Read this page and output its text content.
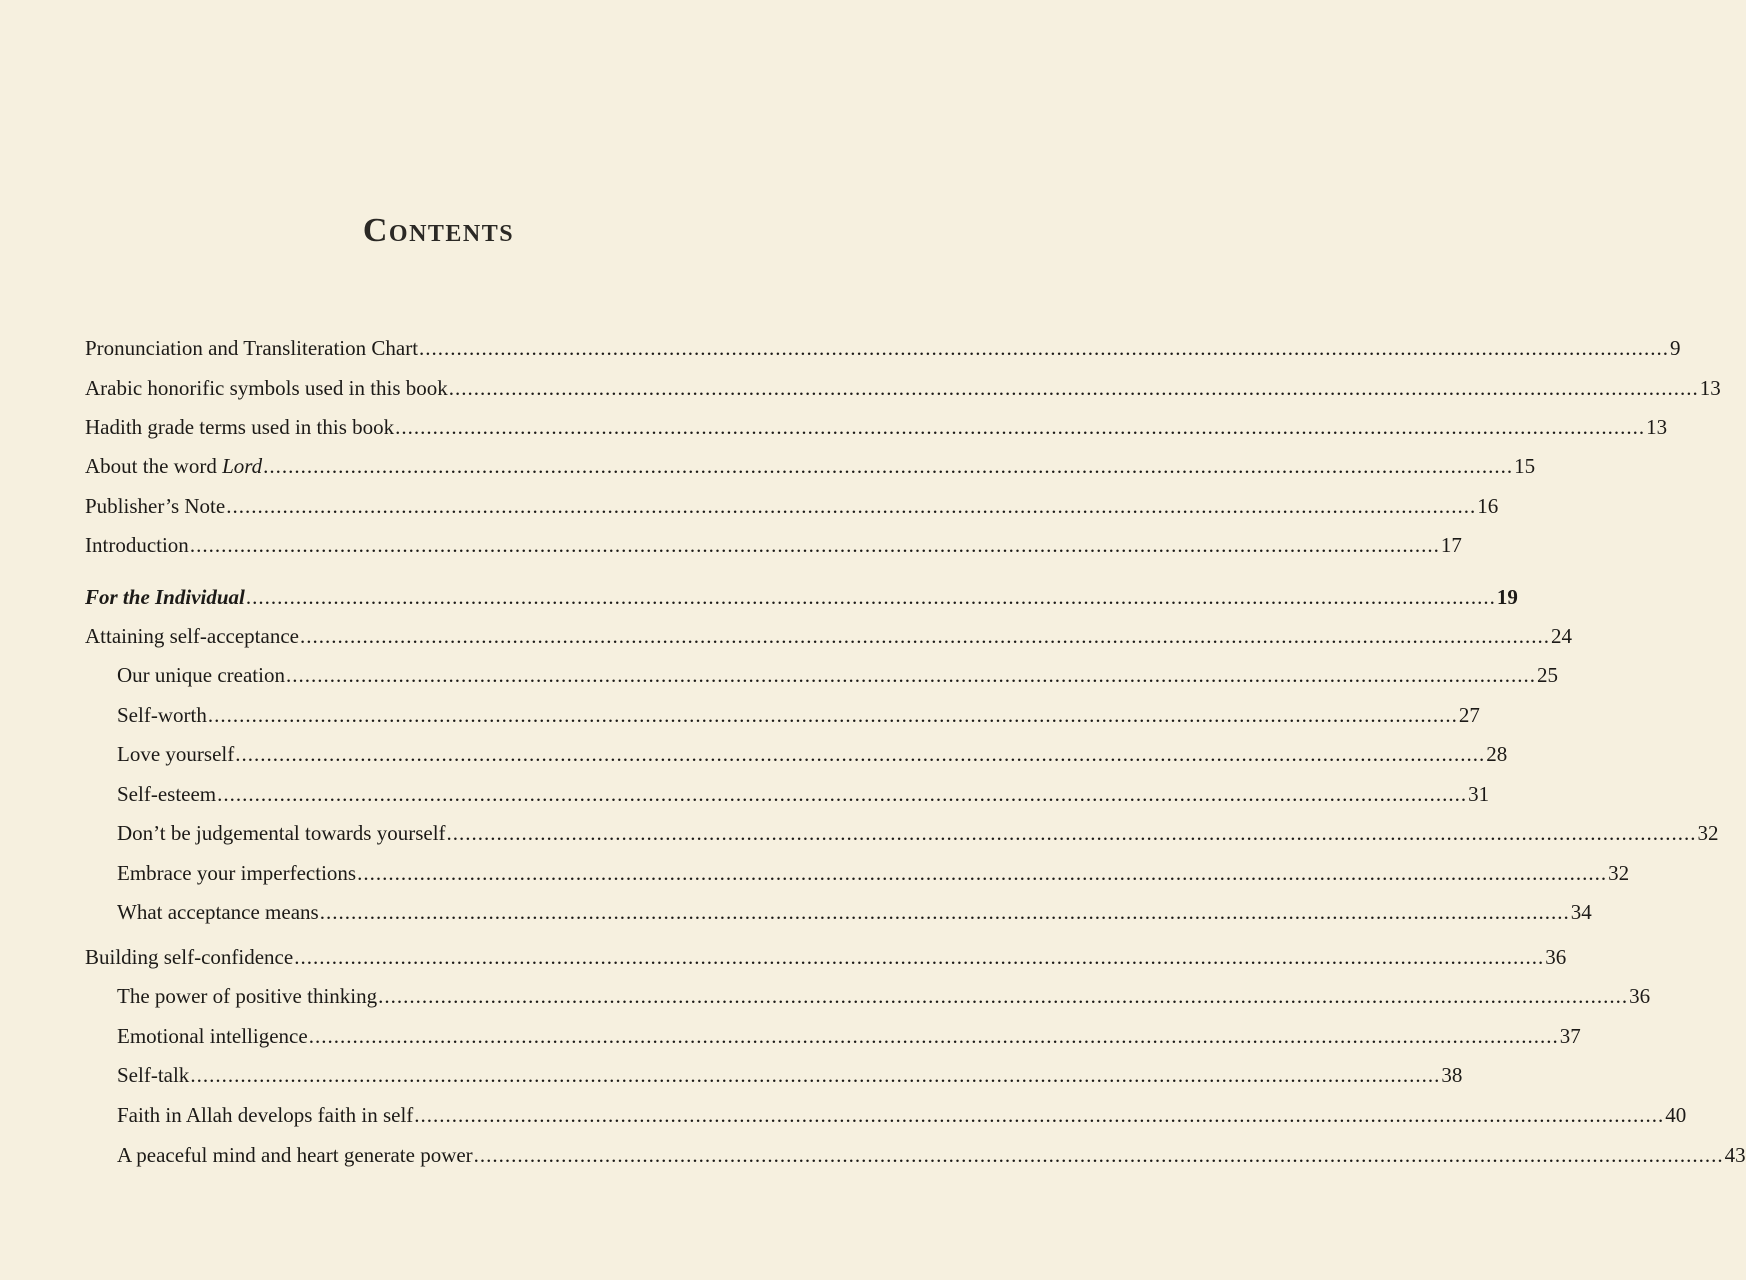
Contents
Pronunciation and Transliteration Chart ........................................................................................................................................................................................................ 9
Arabic honorific symbols used in this book ........................................................................................................................................................................................................ 13
Hadith grade terms used in this book ........................................................................................................................................................................................................ 13
About the word Lord ........................................................................................................................................................................................................ 15
Publisher’s Note ........................................................................................................................................................................................................ 16
Introduction ........................................................................................................................................................................................................ 17
For the Individual ........................................................................................................................................................................................................ 19
Attaining self-acceptance ........................................................................................................................................................................................................ 24
Our unique creation ........................................................................................................................................................................................................ 25
Self-worth ........................................................................................................................................................................................................ 27
Love yourself ........................................................................................................................................................................................................ 28
Self-esteem ........................................................................................................................................................................................................ 31
Don’t be judgemental towards yourself ........................................................................................................................................................................................................ 32
Embrace your imperfections ........................................................................................................................................................................................................ 32
What acceptance means ........................................................................................................................................................................................................ 34
Building self-confidence ........................................................................................................................................................................................................ 36
The power of positive thinking ........................................................................................................................................................................................................ 36
Emotional intelligence ........................................................................................................................................................................................................ 37
Self-talk ........................................................................................................................................................................................................ 38
Faith in Allah develops faith in self ........................................................................................................................................................................................................ 40
A peaceful mind and heart generate power ........................................................................................................................................................................................................ 43
